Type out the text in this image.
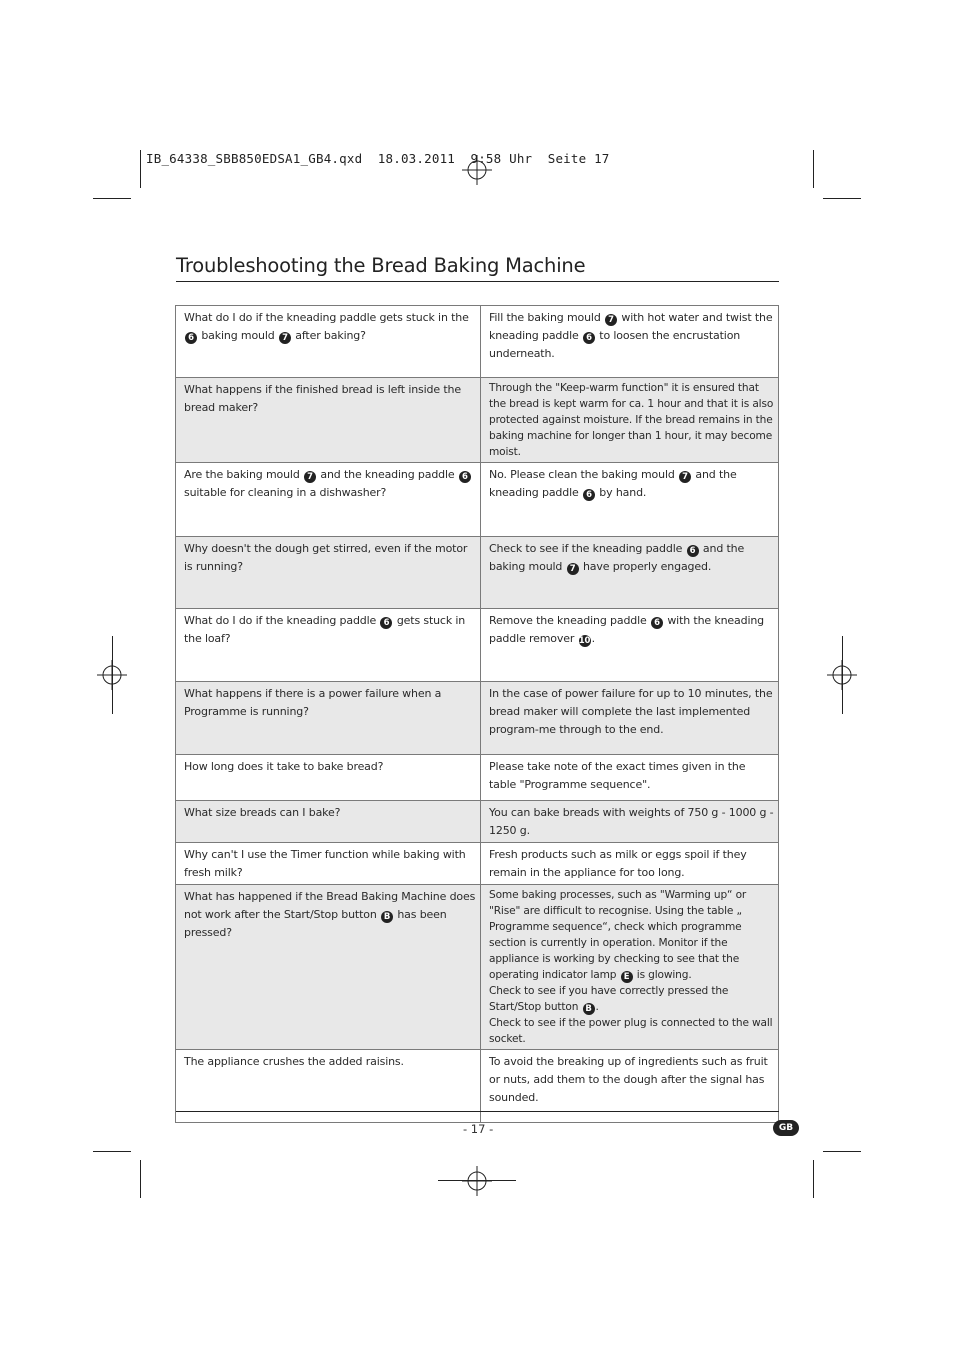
IB_64338_SBB850EDSA1_GB4.qxd  18.03.2011  9:58 Uhr  Seite 17
Troubleshooting the Bread Baking Machine
What do I do if the kneading paddle gets stuck in the 6 baking mould 7 after baking?	Fill the baking mould 7 with hot water and twist the kneading paddle 6 to loosen the encrustation underneath.
What happens if the finished bread is left inside the bread maker?	Through the "Keep-warm function" it is ensured that the bread is kept warm for ca. 1 hour and that it is also protected against moisture. If the bread remains in the baking machine for longer than 1 hour, it may become moist.
Are the baking mould 7 and the kneading paddle 6 suitable for cleaning in a dishwasher?	No. Please clean the baking mould 7 and the kneading paddle 6 by hand.
Why doesn't the dough get stirred, even if the motor is running?	Check to see if the kneading paddle 6 and the baking mould 7 have properly engaged.
What do I do if the kneading paddle 6 gets stuck in the loaf?	Remove the kneading paddle 6 with the kneading paddle remover 10.
What happens if there is a power failure when a Programme is running?	In the case of power failure for up to 10 minutes, the bread maker will complete the last implemented program-me through to the end.
How long does it take to bake bread?	Please take note of the exact times given in the table "Programme sequence".
What size breads can I bake?	You can bake breads with weights of 750 g - 1000 g - 1250 g.
Why can't I use the Timer function while baking with fresh milk?	Fresh products such as milk or eggs spoil if they remain in the appliance for too long.
What has happened if the Bread Baking Machine does not work after the Start/Stop button B has been pressed?	Some baking processes, such as "Warming up“ or "Rise" are difficult to recognise. Using the table „ Programme sequence“, check which programme section is currently in operation. Monitor if the appliance is working by checking to see that the operating indicator lamp E is glowing.
Check to see if you have correctly pressed the Start/Stop button B .
Check to see if the power plug is connected to the wall socket.
The appliance crushes the added raisins.	To avoid the breaking up of ingredients such as fruit or nuts, add them to the dough after the signal has sounded.
- 17 -	GB
